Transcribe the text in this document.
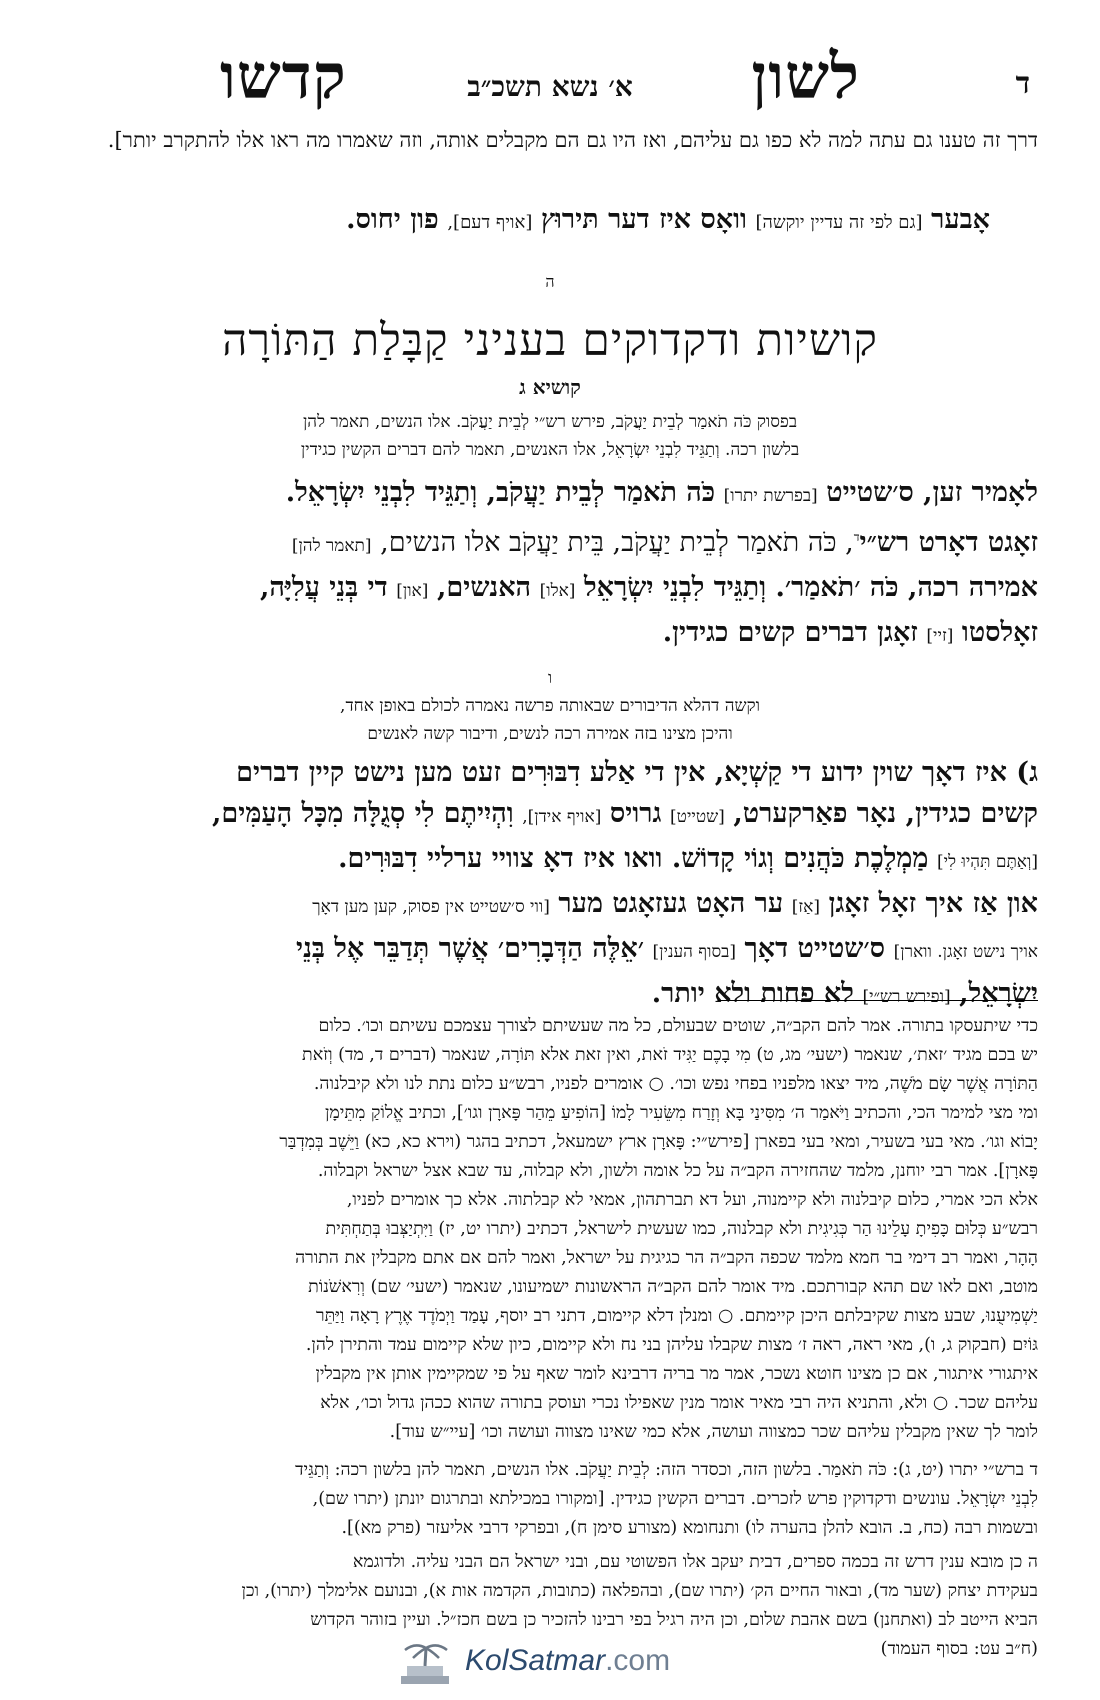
ד
לשון
א׳ נשא תשכ״ב
קדשו
דרך זה טענו גם עתה למה לא כפו גם עליהם, ואז היו גם הם מקבלים אותה, וזה שאמרו מה ראו אלו להתקרב יותר].
אָבער [גם לפי זה עדיין יוקשה] וואָס איז דער תּירוּץ [אויף דעם], פון יחוס.
ה
קושיות ודקדוקים בעניני קַבָּלַת הַתּוֹרָה
קושיא ג
בפסוק כֹּה תֹאמַר לְבֵית יַעֲקֹב, פירש רש״י לְבֵית יַעֲקֹב. אלו הנשים, תאמר להן
בלשון רכה. וְתַגֵּיד לִבְנֵי יִשְׂרָאֵל, אלו האנשים, תאמר להם דברים הקשין כגידין
לאָמיר זען, ס׳שטייט [בפרשת יתרו] כֹּה תֹאמַר לְבֵית יַעֲקֹב, וְתַגֵּיד לִבְנֵי יִשְׂרָאֵל.
זאָגט דאָרט רש״י$^ד$, כֹּה תֹאמַר לְבֵית יַעֲקֹב, בֵּית יַעֲקֹב אלו הנשים, [תאמר להן]
אמירה רכה, כֹּה ׳תֹאמַר׳. וְתַגֵּיד לִבְנֵי יִשְׂרָאֵל [אלו] האנשים, [און] די בְּנֵי עֲלִיָּה,
זאָלסטו [זיי] זאָגן דברים קשים כגידין.
ו
וקשה דהלא הדיבורים שבאותה פרשה נאמרה לכולם באופן אחד,
והיכן מצינו בזה אמירה רכה לנשים, ודיבור קשה לאנשים
ג) איז דאָך שוין ידוע די קַשְׁיָא, אין די אַלע דִבּוּרִים זעט מען נישט קיין דברים
קשים כגידין, נאָר פאַרקערט, [שטייט] גרויס [אויף אידן], וִהְיִיתֶם לִי סְגֻלָּה מִכָּל הָעַמִּים,
[וְאַתֶּם תִּהְיוּ לִי] מַמְלֶכֶת כֹּהֲנִים וְגוֹי קָדוֹשׁ. וואו איז דאָ צוויי ערליי דִבּוּרִים.
און אַז איך זאָל זאָגן [אַז] ער האָט געזאָגט מער [ווי ס׳שטייט אין פסוק, קען מען דאָך
אויך נישט זאָגן. ווארן] ס׳שטייט דאָך [בסוף הענין] ׳אֵלֶּה הַדְּבָרִים׳ אֲשֶׁר תְּדַבֵּר אֶל בְּנֵי
יִשְׂרָאֵל, [ופירש רש״י] לא פחות ולא יותר.
כדי שיתעסקו בתורה. אמר להם הקב״ה, שוטים שבעולם, כל מה שעשיתם לצורך עצמכם עשיתם וכו׳. כלום
יש בכם מגיד ׳זאת׳, שנאמר (ישעי׳ מג, ט) מִי בָכֶם יַגִּיד זֹאת, ואין זאת אלא תּוֹרָה, שנאמר (דברים ד, מד) וְזֹאת
הַתּוֹרָה אֲשֶׁר שָׂם מֹשֶׁה, מיד יצאו מלפניו בפחי נפש וכו׳. ○ אומרים לפניו, רבש״ע כלום נתת לנו ולא קיבלנוה.
ומי מצי למימר הכי, והכתיב וַיֹּאמַר ה׳ מִסִּינַי בָּא וְזָרַח מִשֵּׂעִיר לָמוֹ [הוֹפִיעַ מֵהַר פָּארָן וגו׳], וכתיב אֱלוֹקַ מִתֵּימָן
יָבוֹא וגו׳. מאי בעי בשעיר, ומאי בעי בפארן [פירש״י: פָּארָן ארץ ישמעאל, דכתיב בהגר (וירא כא, כא) וַיֵּשֶׁב בְּמִדְבַּר
פָּארָן]. אמר רבי יוחנן, מלמד שהחזירה הקב״ה על כל אומה ולשון, ולא קבלוה, עד שבא אצל ישראל וקבלוה.
אלא הכי אמרי, כלום קיבלנוה ולא קיימנוה, ועל דא תברתהון, אמאי לא קבלתוה. אלא כך אומרים לפניו,
רבש״ע כְּלוּם כָּפִיתָ עָלֵינוּ הַר כְּגִיגִית ולא קבלנוה, כמו שעשית לישראל, דכתיב (יתרו יט, יז) וַיִּתְיַצְּבוּ בְּתַחְתִּית
הָהָר, ואמר רב דימי בר חמא מלמד שכפה הקב״ה הר כגיגית על ישראל, ואמר להם אם אתם מקבלין את התורה
מוטב, ואם לאו שם תהא קבורתכם. מיד אומר להם הקב״ה הראשונות ישמיעונו, שנאמר (ישעי׳ שם) וְרִאשֹׁנוֹת
יַשְׁמִיעֻנוּ, שבע מצות שקיבלתם היכן קיימתם. ○ ומנלן דלא קיימום, דתני רב יוסף, עָמַד וַיְמֹדֶד אֶרֶץ רָאָה וַיַּתֵּר
גּוֹיִם (חבקוק ג, ו), מאי ראה, ראה ז׳ מצות שקבלו עליהן בני נח ולא קיימום, כיון שלא קיימום עמד והתירן להן.
איתגורי איתגור, אם כן מצינו חוטא נשכר, אמר מר בריה דרבינא לומר שאף על פי שמקיימין אותן אין מקבלין
עליהם שכר. ○ ולא, והתניא היה רבי מאיר אומר מנין שאפילו נכרי ועוסק בתורה שהוא ככהן גדול וכו׳, אלא
לומר לך שאין מקבלין עליהם שכר כמצווה ועושה, אלא כמי שאינו מצווה ועושה וכו׳ [עיי״ש עוד].
ד ברש״י יתרו (יט, ג): כֹּה תֹאמַר. בלשון הזה, וכסדר הזה: לְבֵית יַעֲקֹב. אלו הנשים, תאמר להן בלשון רכה: וְתַגֵּיד
לִבְנֵי יִשְׂרָאֵל. עונשים ודקדוקין פרש לזכרים. דברים הקשין כגידין. [ומקורו במכילתא ובתרגום יונתן (יתרו שם),
ובשמות רבה (כח, ב. הובא להלן בהערה לו) ותנחומא (מצורע סימן ח), ובפרקי דרבי אליעזר (פרק מא)].
ה כן מובא ענין דרש זה בכמה ספרים, דבית יעקב אלו הפשוטי עם, ובני ישראל הם הבני עליה. ולדוגמא
בעקידת יצחק (שער מד), ובאור החיים הק׳ (יתרו שם), ובהפלאה (כתובות, הקדמה אות א), ובנועם אלימלך (יתרו), וכן
הביא הייטב לב (ואתחנן) בשם אהבת שלום, וכן היה רגיל בפי רבינו להזכיר כן בשם חכז״ל. ועיין בזוהר הקדוש
(ח״ב עט: בסוף העמוד)
KolSatmar.com
